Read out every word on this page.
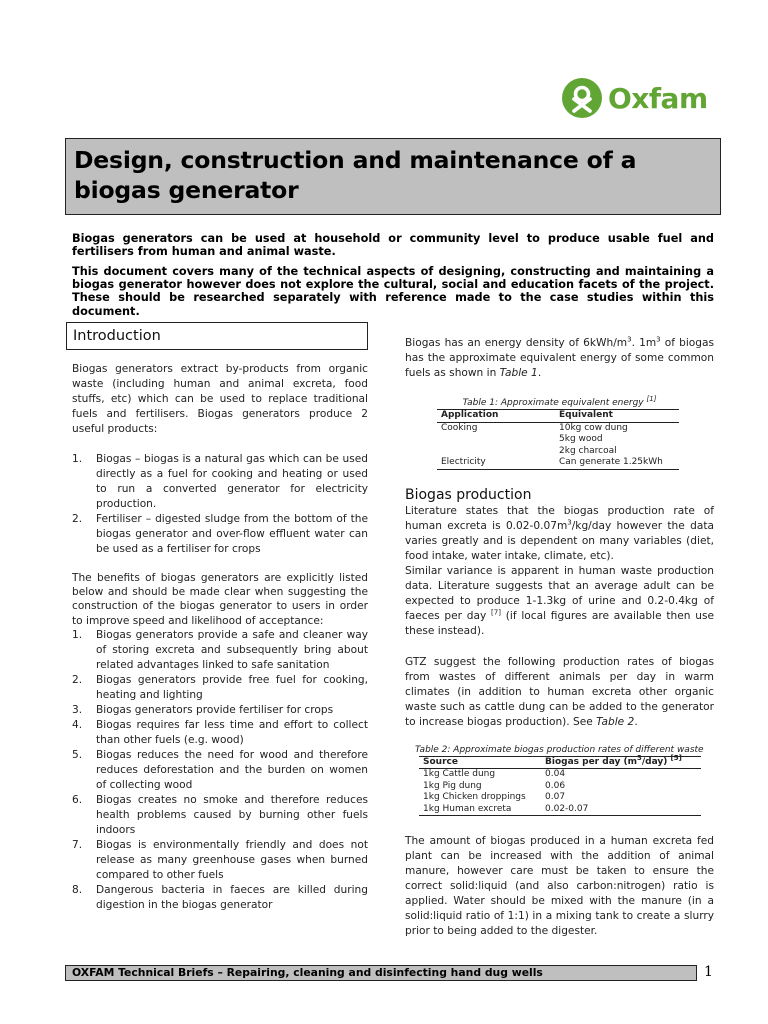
Oxfam
Design, construction and maintenance of a biogas generator

Biogas generators can be used at household or community level to produce usable fuel and fertilisers from human and animal waste.

This document covers many of the technical aspects of designing, constructing and maintaining a biogas generator however does not explore the cultural, social and education facets of the project. These should be researched separately with reference made to the case studies within this document.

Introduction

Biogas generators extract by-products from organic waste (including human and animal excreta, food stuffs, etc) which can be used to replace traditional fuels and fertilisers. Biogas generators produce 2 useful products:

1.	Biogas – biogas is a natural gas which can be used directly as a fuel for cooking and heating or used to run a converted generator for electricity production.
2.	Fertiliser – digested sludge from the bottom of the biogas generator and over-flow effluent water can be used as a fertiliser for crops

The benefits of biogas generators are explicitly listed below and should be made clear when suggesting the construction of the biogas generator to users in order to improve speed and likelihood of acceptance:

1.	Biogas generators provide a safe and cleaner way of storing excreta and subsequently bring about related advantages linked to safe sanitation
2.	Biogas generators provide free fuel for cooking, heating and lighting
3.	Biogas generators provide fertiliser for crops
4.	Biogas requires far less time and effort to collect than other fuels (e.g. wood)
5.	Biogas reduces the need for wood and therefore reduces deforestation and the burden on women of collecting wood
6.	Biogas creates no smoke and therefore reduces health problems caused by burning other fuels indoors
7.	Biogas is environmentally friendly and does not release as many greenhouse gases when burned compared to other fuels
8.	Dangerous bacteria in faeces are killed during digestion in the biogas generator

Biogas has an energy density of $6kWh/m^3$. $1m^3$ of biogas has the approximate equivalent energy of some common fuels as shown in Table 1.

Table 1: Approximate equivalent energy [1]

Application	Equivalent
Cooking	10kg cow dung
	5kg wood
	2kg charcoal
Electricity	Can generate 1.25kWh
Biogas production

Literature states that the biogas production rate of human excreta is $0.02-0.07m^3/kg$/day however the data varies greatly and is dependent on many variables (diet, food intake, water intake, climate, etc).

Similar variance is apparent in human waste production data. Literature suggests that an average adult can be expected to produce 1-1.3kg of urine and 0.2-0.4kg of faeces per day [7] (if local figures are available then use these instead).

GTZ suggest the following production rates of biogas from wastes of different animals per day in warm climates (in addition to human excreta other organic waste such as cattle dung can be added to the generator to increase biogas production). See Table 2.

Table 2: Approximate biogas production rates of different waste

Source	Biogas per day $(m^3/day)$ [5]
1kg Cattle dung	0.04
1kg Pig dung	0.06
1kg Chicken droppings	0.07
1kg Human excreta	0.02-0.07

The amount of biogas produced in a human excreta fed plant can be increased with the addition of animal manure, however care must be taken to ensure the correct solid:liquid (and also carbon:nitrogen) ratio is applied. Water should be mixed with the manure (in a solid:liquid ratio of 1:1) in a mixing tank to create a slurry prior to being added to the digester.

OXFAM Technical Briefs – Repairing, cleaning and disinfecting hand dug wells	1
